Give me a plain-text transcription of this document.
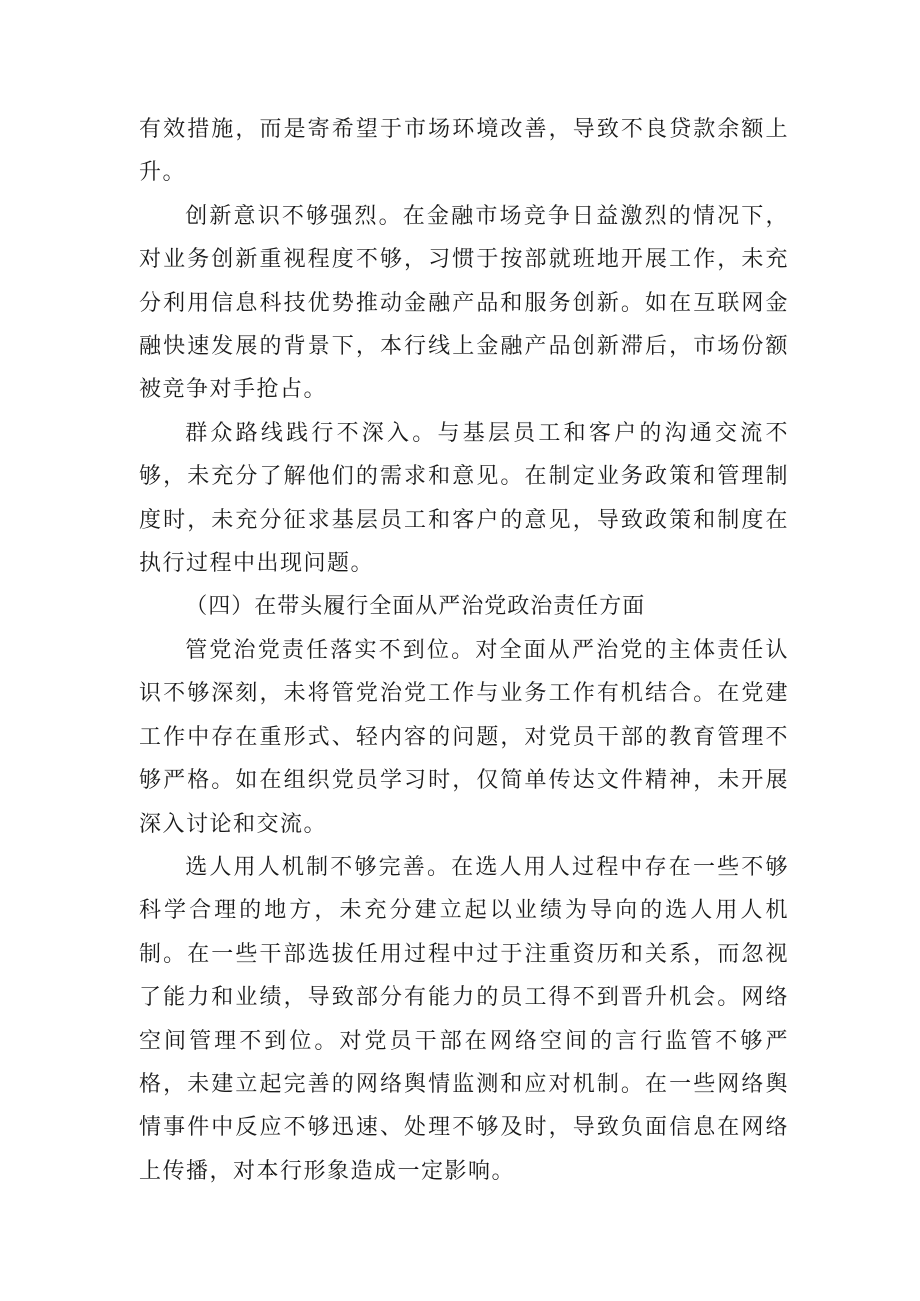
有效措施，而是寄希望于市场环境改善，导致不良贷款余额上升。

创新意识不够强烈。在金融市场竞争日益激烈的情况下，对业务创新重视程度不够，习惯于按部就班地开展工作，未充分利用信息科技优势推动金融产品和服务创新。如在互联网金融快速发展的背景下，本行线上金融产品创新滞后，市场份额被竞争对手抢占。

群众路线践行不深入。与基层员工和客户的沟通交流不够，未充分了解他们的需求和意见。在制定业务政策和管理制度时，未充分征求基层员工和客户的意见，导致政策和制度在执行过程中出现问题。

（四）在带头履行全面从严治党政治责任方面

管党治党责任落实不到位。对全面从严治党的主体责任认识不够深刻，未将管党治党工作与业务工作有机结合。在党建工作中存在重形式、轻内容的问题，对党员干部的教育管理不够严格。如在组织党员学习时，仅简单传达文件精神，未开展深入讨论和交流。

选人用人机制不够完善。在选人用人过程中存在一些不够科学合理的地方，未充分建立起以业绩为导向的选人用人机制。在一些干部选拔任用过程中过于注重资历和关系，而忽视了能力和业绩，导致部分有能力的员工得不到晋升机会。网络空间管理不到位。对党员干部在网络空间的言行监管不够严格，未建立起完善的网络舆情监测和应对机制。在一些网络舆情事件中反应不够迅速、处理不够及时，导致负面信息在网络上传播，对本行形象造成一定影响。
